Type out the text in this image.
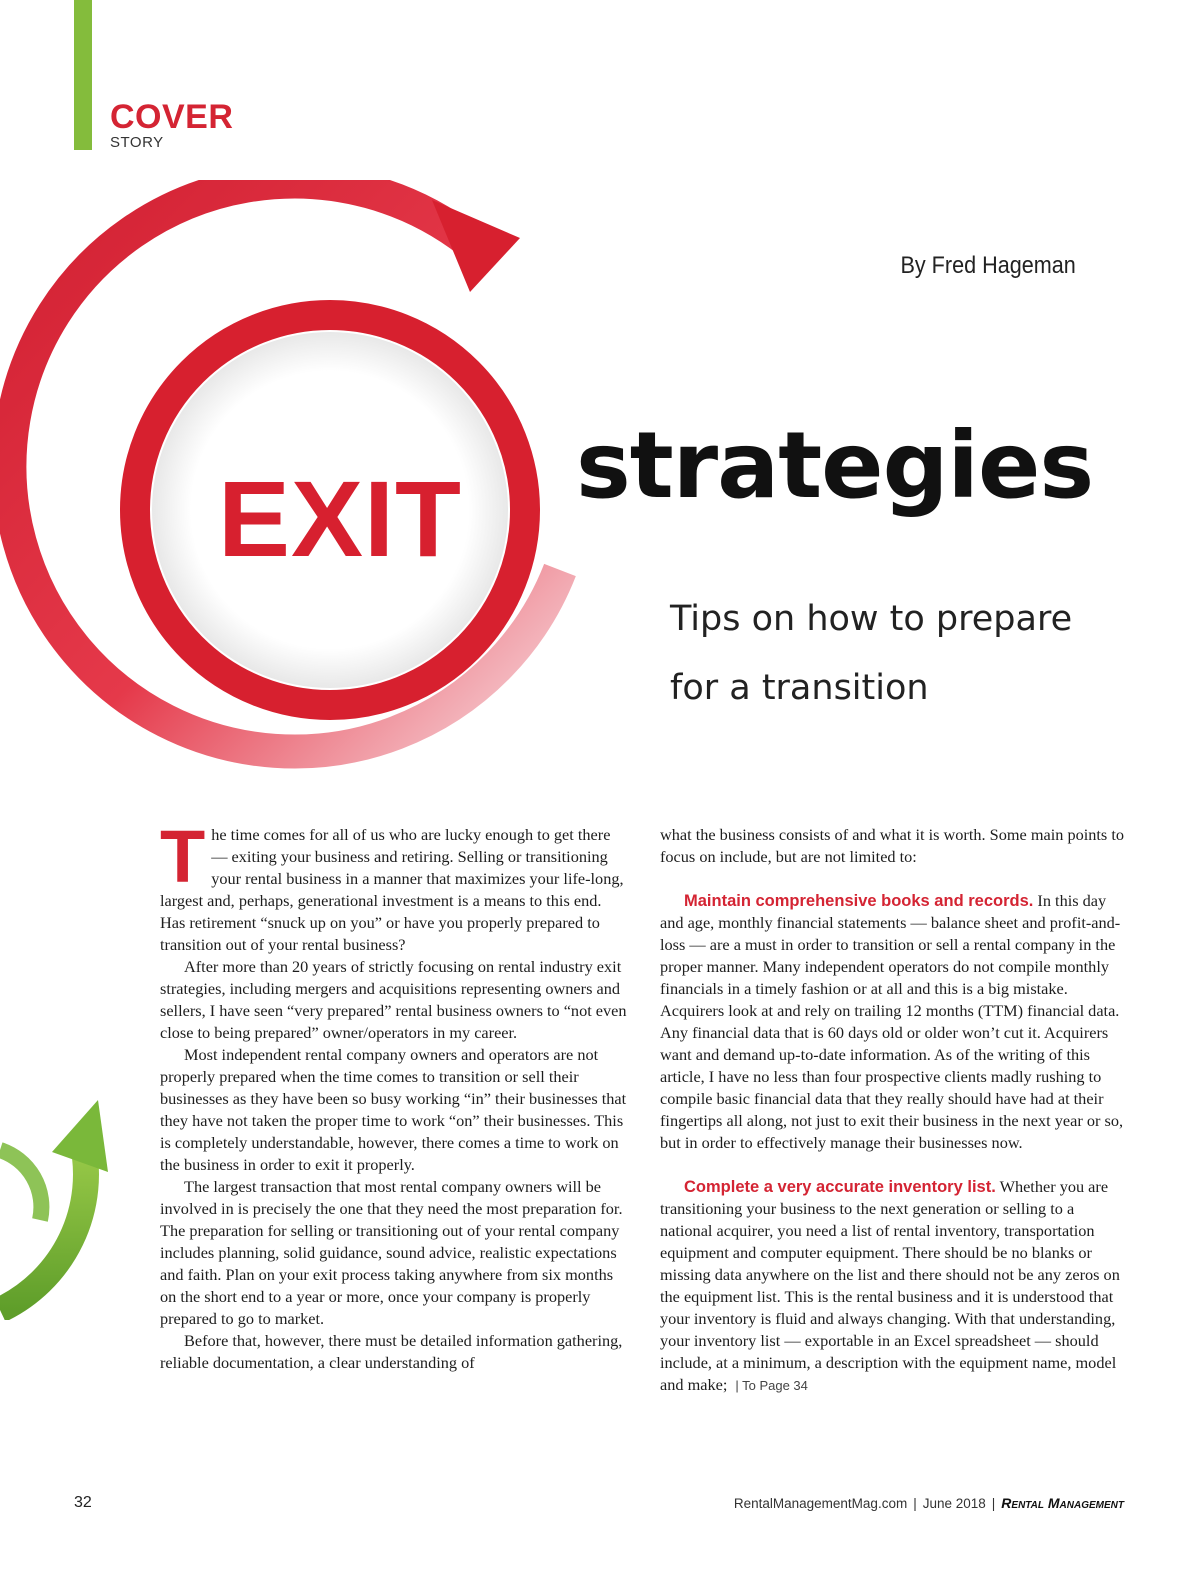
COVER
STORY
EXIT
By Fred Hageman
strategies
Tips on how to prepare
for a transition

The time comes for all of us who are lucky enough to get there — exiting your business and retiring. Selling or transitioning your rental business in a manner that maximizes your life-long, largest and, perhaps, generational investment is a means to this end. Has retirement “snuck up on you” or have you properly prepared to transition out of your rental business?

After more than 20 years of strictly focusing on rental industry exit strategies, including mergers and acquisitions representing owners and sellers, I have seen “very prepared” rental business owners to “not even close to being prepared” owner/operators in my career.

Most independent rental company owners and operators are not properly prepared when the time comes to transition or sell their businesses as they have been so busy working “in” their businesses that they have not taken the proper time to work “on” their businesses. This is completely understandable, however, there comes a time to work on the business in order to exit it properly.

The largest transaction that most rental company owners will be involved in is precisely the one that they need the most preparation for. The preparation for selling or transitioning out of your rental company includes planning, solid guidance, sound advice, realistic expectations and faith. Plan on your exit process taking anywhere from six months on the short end to a year or more, once your company is properly prepared to go to market.

Before that, however, there must be detailed information gathering, reliable documentation, a clear understanding of

what the business consists of and what it is worth. Some main points to focus on include, but are not limited to:

Maintain comprehensive books and records. In this day and age, monthly financial statements — balance sheet and profit-and-loss — are a must in order to transition or sell a rental company in the proper manner. Many independent operators do not compile monthly financials in a timely fashion or at all and this is a big mistake. Acquirers look at and rely on trailing 12 months (TTM) financial data. Any financial data that is 60 days old or older won’t cut it. Acquirers want and demand up-to-date information. As of the writing of this article, I have no less than four prospective clients madly rushing to compile basic financial data that they really should have had at their fingertips all along, not just to exit their business in the next year or so, but in order to effectively manage their businesses now.

Complete a very accurate inventory list. Whether you are transitioning your business to the next generation or selling to a national acquirer, you need a list of rental inventory, transportation equipment and computer equipment. There should be no blanks or missing data anywhere on the list and there should not be any zeros on the equipment list. This is the rental business and it is understood that your inventory is fluid and always changing. With that understanding, your inventory list — exportable in an Excel spreadsheet — should include, at a minimum, a description with the equipment name, model and make; | To Page 34

32	RentalManagementMag.com | June 2018 | Rental Management
